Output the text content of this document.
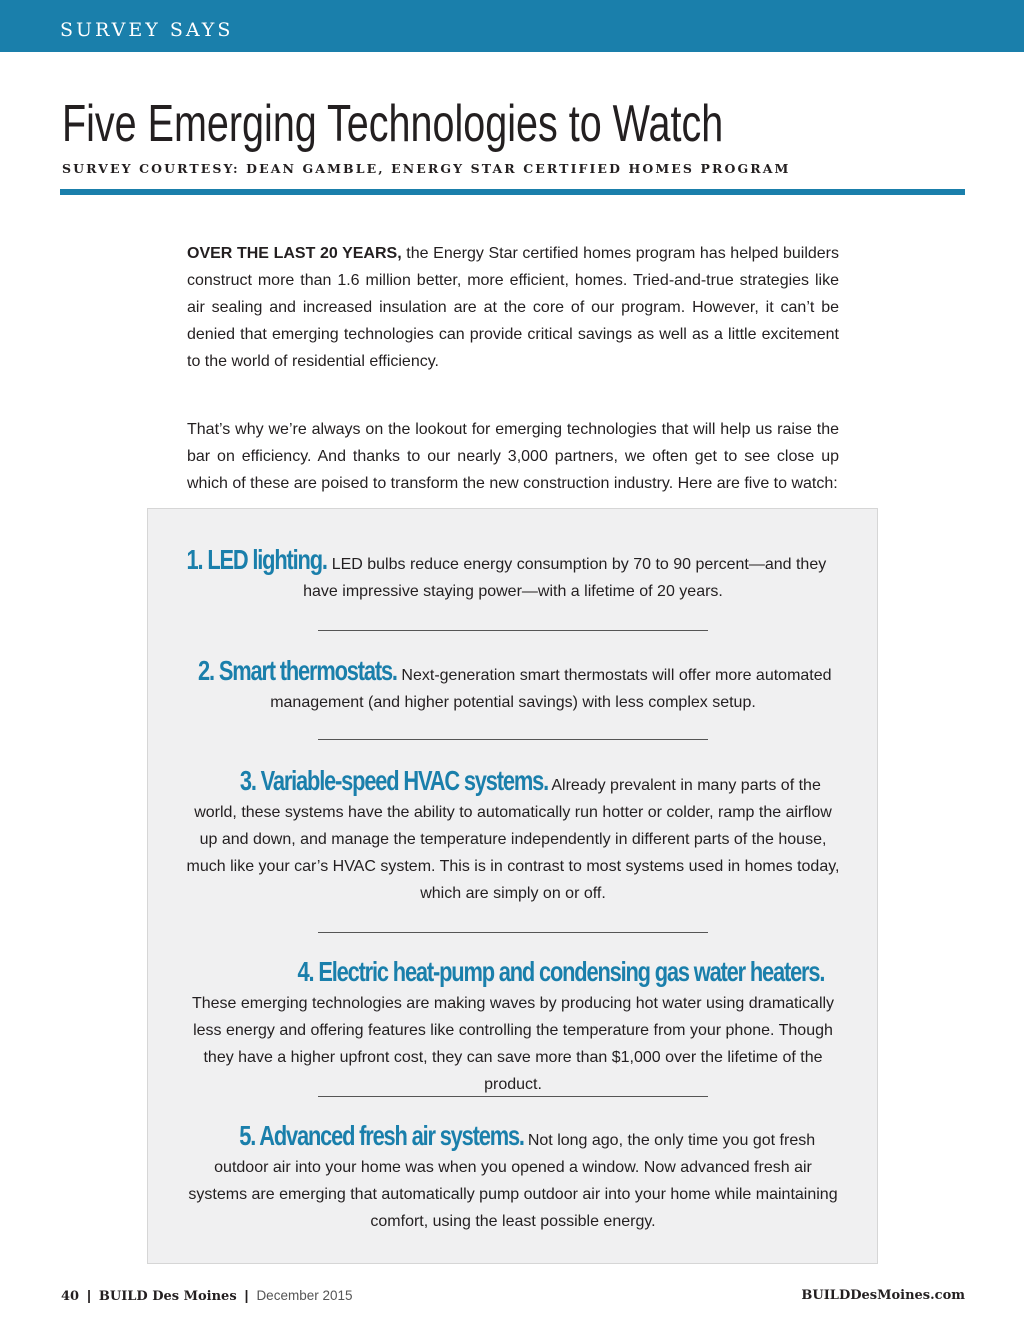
SURVEY SAYS
Five Emerging Technologies to Watch
SURVEY COURTESY: DEAN GAMBLE, ENERGY STAR CERTIFIED HOMES PROGRAM

OVER THE LAST 20 YEARS, the Energy Star certified homes program has helped builders construct more than 1.6 million better, more efficient, homes. Tried-and-true strategies like air sealing and increased insulation are at the core of our program. However, it can’t be denied that emerging technologies can provide critical savings as well as a little excitement to the world of residential efficiency.

That’s why we’re always on the lookout for emerging technologies that will help us raise the bar on efficiency. And thanks to our nearly 3,000 partners, we often get to see close up which of these are poised to transform the new construction industry. Here are five to watch:

1. LED lighting. LED bulbs reduce energy consumption by 70 to 90 percent—and they have impressive staying power—with a lifetime of 20 years.

2. Smart thermostats. Next-generation smart thermostats will offer more automated management (and higher potential savings) with less complex setup.

3. Variable-speed HVAC systems. Already prevalent in many parts of the world, these systems have the ability to automatically run hotter or colder, ramp the airflow up and down, and manage the temperature independently in different parts of the house, much like your car’s HVAC system. This is in contrast to most systems used in homes today, which are simply on or off.

4. Electric heat-pump and condensing gas water heaters. These emerging technologies are making waves by producing hot water using dramatically less energy and offering features like controlling the temperature from your phone. Though they have a higher upfront cost, they can save more than $1,000 over the lifetime of the product.

5. Advanced fresh air systems. Not long ago, the only time you got fresh outdoor air into your home was when you opened a window. Now advanced fresh air systems are emerging that automatically pump outdoor air into your home while maintaining comfort, using the least possible energy.

40 | BUILD Des Moines | December 2015	BUILDDesMoines.com
